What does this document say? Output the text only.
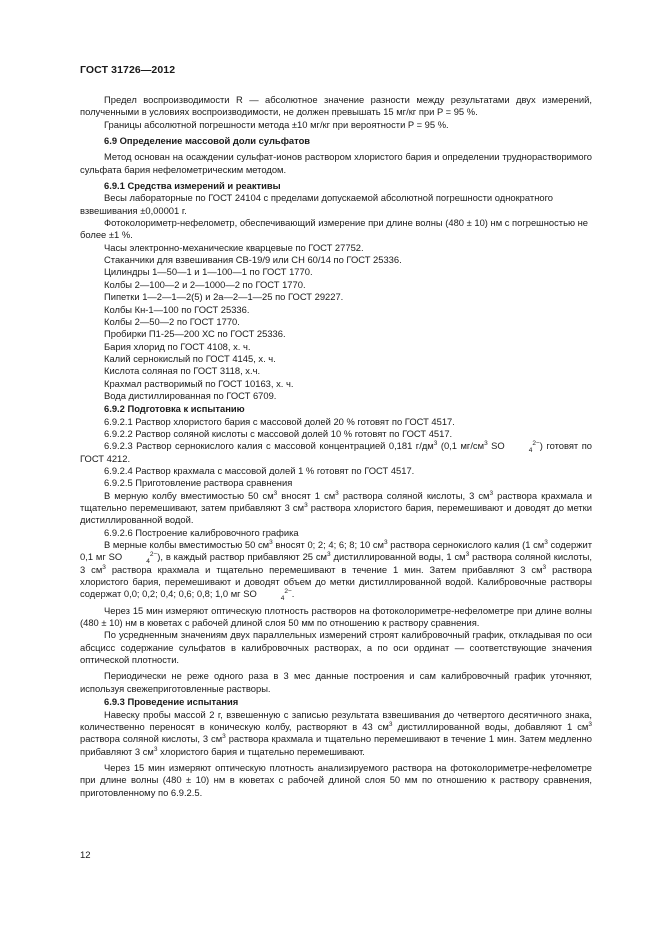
ГОСТ 31726—2012

Предел воспроизводимости R — абсолютное значение разности между результатами двух измерений, полученными в условиях воспроизводимости, не должен превышать 15 мг/кг при P = 95 %.

Границы абсолютной погрешности метода ±10 мг/кг при вероятности P = 95 %.

6.9 Определение массовой доли сульфатов

Метод основан на осаждении сульфат-ионов раствором хлористого бария и определении труднорастворимого сульфата бария нефелометрическим методом.

6.9.1 Средства измерений и реактивы

Весы лабораторные по ГОСТ 24104 с пределами допускаемой абсолютной погрешности однократного взвешивания ±0,00001 г.

Фотоколориметр-нефелометр, обеспечивающий измерение при длине волны (480 ± 10) нм с погрешностью не более ±1 %.

Часы электронно-механические кварцевые по ГОСТ 27752.

Стаканчики для взвешивания СВ-19/9 или СН 60/14 по ГОСТ 25336.

Цилиндры 1—50—1 и 1—100—1 по ГОСТ 1770.

Колбы 2—100—2 и 2—1000—2 по ГОСТ 1770.

Пипетки 1—2—1—2(5) и 2а—2—1—25 по ГОСТ 29227.

Колбы Кн-1—100 по ГОСТ 25336.

Колбы 2—50—2 по ГОСТ 1770.

Пробирки П1-25—200 ХС по ГОСТ 25336.

Бария хлорид по ГОСТ 4108, х. ч.

Калий сернокислый по ГОСТ 4145, х. ч.

Кислота соляная по ГОСТ 3118, х.ч.

Крахмал растворимый по ГОСТ 10163, х. ч.

Вода дистиллированная по ГОСТ 6709.

6.9.2 Подготовка к испытанию

6.9.2.1 Раствор хлористого бария с массовой долей 20 % готовят по ГОСТ 4517.

6.9.2.2 Раствор соляной кислоты с массовой долей 10 % готовят по ГОСТ 4517.

6.9.2.3 Раствор сернокислого калия с массовой концентрацией 0,181 $г/дм^3$ (0,1 $мг/см^3$ SO	$_4^{2-}$) готовят по ГОСТ 4212.

6.9.2.4 Раствор крахмала с массовой долей 1 % готовят по ГОСТ 4517.

6.9.2.5 Приготовление раствора сравнения

В мерную колбу вместимостью 50 $см^3$ вносят 1 $см^3$ раствора соляной кислоты, 3 $см^3$ раствора крахмала и тщательно перемешивают, затем прибавляют 3 $см^3$ раствора хлористого бария, перемешивают и доводят до метки дистиллированной водой.

6.9.2.6 Построение калибровочного графика

В мерные колбы вместимостью 50 $см^3$ вносят 0; 2; 4; 6; 8; 10 $см^3$ раствора сернокислого калия (1 $см^3$ содержит 0,1 мг SO	$_4^{2-}$), в каждый раствор прибавляют 25 $см^3$ дистиллированной воды, 1 $см^3$ раствора соляной кислоты, 3 $см^3$ раствора крахмала и тщательно перемешивают в течение 1 мин. Затем прибавляют 3 $см^3$ раствора хлористого бария, перемешивают и доводят объем до метки дистиллированной водой. Калибровочные растворы содержат 0,0; 0,2; 0,4; 0,6; 0,8; 1,0 мг SO	$_4^{2-}$.

Через 15 мин измеряют оптическую плотность растворов на фотоколориметре-нефелометре при длине волны (480 ± 10) нм в кюветах с рабочей длиной слоя 50 мм по отношению к раствору сравнения.

По усредненным значениям двух параллельных измерений строят калибровочный график, откладывая по оси абсцисс содержание сульфатов в калибровочных растворах, а по оси ординат — соответствующие значения оптической плотности.

Периодически не реже одного раза в 3 мес данные построения и сам калибровочный график уточняют, используя свежеприготовленные растворы.

6.9.3 Проведение испытания

Навеску пробы массой 2 г, взвешенную с записью результата взвешивания до четвертого десятичного знака, количественно переносят в коническую колбу, растворяют в 43 $см^3$ дистиллированной воды, добавляют 1 $см^3$ раствора соляной кислоты, 3 $см^3$ раствора крахмала и тщательно перемешивают в течение 1 мин. Затем медленно прибавляют 3 $см^3$ хлористого бария и тщательно перемешивают.

Через 15 мин измеряют оптическую плотность анализируемого раствора на фотоколориметре-нефелометре при длине волны (480 ± 10) нм в кюветах с рабочей длиной слоя 50 мм по отношению к раствору сравнения, приготовленному по 6.9.2.5.

12
